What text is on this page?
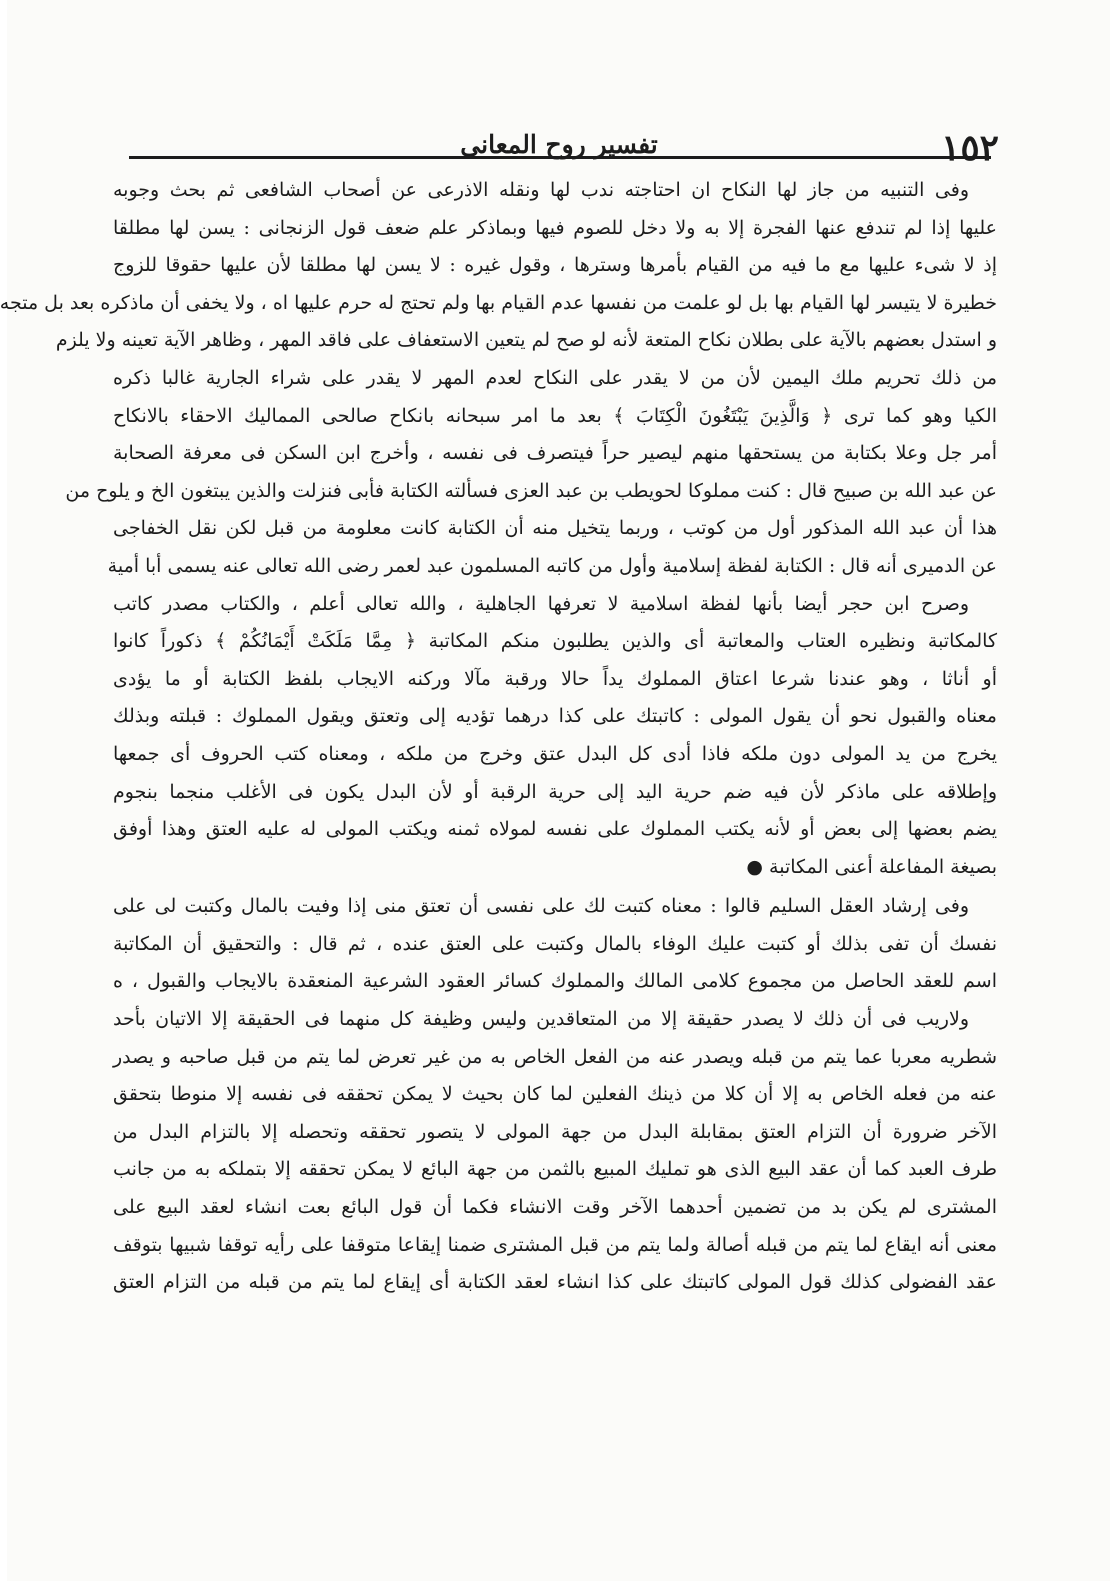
١٥٢
تفسير روح المعانى
وفى التنبيه من جاز لها النكاح ان احتاجته ندب لها ونقله الاذرعى عن أصحاب الشافعى ثم بحث وجوبه
عليها إذا لم تندفع عنها الفجرة إلا به ولا دخل للصوم فيها وبماذكر علم ضعف قول الزنجانى : يسن لها مطلقا
إذ لا شىء عليها مع ما فيه من القيام بأمرها وسترها ، وقول غيره : لا يسن لها مطلقا لأن عليها حقوقا للزوج
خطيرة لا يتيسر لها القيام بها بل لو علمت من نفسها عدم القيام بها ولم تحتج له حرم عليها اه ، ولا يخفى أن ماذكره بعد بل متجه
و استدل بعضهم بالآية على بطلان نكاح المتعة لأنه لو صح لم يتعين الاستعفاف على فاقد المهر ، وظاهر الآية تعينه ولا يلزم
من ذلك تحريم ملك اليمين لأن من لا يقدر على النكاح لعدم المهر لا يقدر على شراء الجارية غالبا ذكره
الكيا وهو كما ترى ﴿ وَالَّذِينَ يَبْتَغُونَ الْكِتَابَ ﴾ بعد ما امر سبحانه بانكاح صالحى المماليك الاحقاء بالانكاح
أمر جل وعلا بكتابة من يستحقها منهم ليصير حراً فيتصرف فى نفسه ، وأخرج ابن السكن فى معرفة الصحابة
عن عبد الله بن صبيح قال : كنت مملوكا لحويطب بن عبد العزى فسألته الكتابة فأبى فنزلت والذين يبتغون الخ و يلوح من
هذا أن عبد الله المذكور أول من كوتب ، وربما يتخيل منه أن الكتابة كانت معلومة من قبل لكن نقل الخفاجى
عن الدميرى أنه قال : الكتابة لفظة إسلامية وأول من كاتبه المسلمون عبد لعمر رضى الله تعالى عنه يسمى أبا أمية
وصرح ابن حجر أيضا بأنها لفظة اسلامية لا تعرفها الجاهلية ، والله تعالى أعلم ، والكتاب مصدر كاتب
كالمكاتبة ونظيره العتاب والمعاتبة أى والذين يطلبون منكم المكاتبة ﴿ مِمَّا مَلَكَتْ أَيْمَانُكُمْ ﴾ ذكوراً كانوا
أو أناثا ، وهو عندنا شرعا اعتاق المملوك يداً حالا ورقبة مآلا وركنه الايجاب بلفظ الكتابة أو ما يؤدى
معناه والقبول نحو أن يقول المولى : كاتبتك على كذا درهما تؤديه إلى وتعتق ويقول المملوك : قبلته وبذلك
يخرج من يد المولى دون ملكه فاذا أدى كل البدل عتق وخرج من ملكه ، ومعناه كتب الحروف أى جمعها
وإطلاقه على ماذكر لأن فيه ضم حرية اليد إلى حرية الرقبة أو لأن البدل يكون فى الأغلب منجما بنجوم
يضم بعضها إلى بعض أو لأنه يكتب المملوك على نفسه لمولاه ثمنه ويكتب المولى له عليه العتق وهذا أوفق
بصيغة المفاعلة أعنى المكاتبة ●
وفى إرشاد العقل السليم قالوا : معناه كتبت لك على نفسى أن تعتق منى إذا وفيت بالمال وكتبت لى على
نفسك أن تفى بذلك أو كتبت عليك الوفاء بالمال وكتبت على العتق عنده ، ثم قال : والتحقيق أن المكاتبة
اسم للعقد الحاصل من مجموع كلامى المالك والمملوك كسائر العقود الشرعية المنعقدة بالايجاب والقبول ، ه
ولاريب فى أن ذلك لا يصدر حقيقة إلا من المتعاقدين وليس وظيفة كل منهما فى الحقيقة إلا الاتيان بأحد
شطريه معربا عما يتم من قبله ويصدر عنه من الفعل الخاص به من غير تعرض لما يتم من قبل صاحبه و يصدر
عنه من فعله الخاص به إلا أن كلا من ذينك الفعلين لما كان بحيث لا يمكن تحققه فى نفسه إلا منوطا بتحقق
الآخر ضرورة أن التزام العتق بمقابلة البدل من جهة المولى لا يتصور تحققه وتحصله إلا بالتزام البدل من
طرف العبد كما أن عقد البيع الذى هو تمليك المبيع بالثمن من جهة البائع لا يمكن تحققه إلا بتملكه به من جانب
المشترى لم يكن بد من تضمين أحدهما الآخر وقت الانشاء فكما أن قول البائع بعت انشاء لعقد البيع على
معنى أنه ايقاع لما يتم من قبله أصالة ولما يتم من قبل المشترى ضمنا إيقاعا متوقفا على رأيه توقفا شبيها بتوقف
عقد الفضولى كذلك قول المولى كاتبتك على كذا انشاء لعقد الكتابة أى إيقاع لما يتم من قبله من التزام العتق
